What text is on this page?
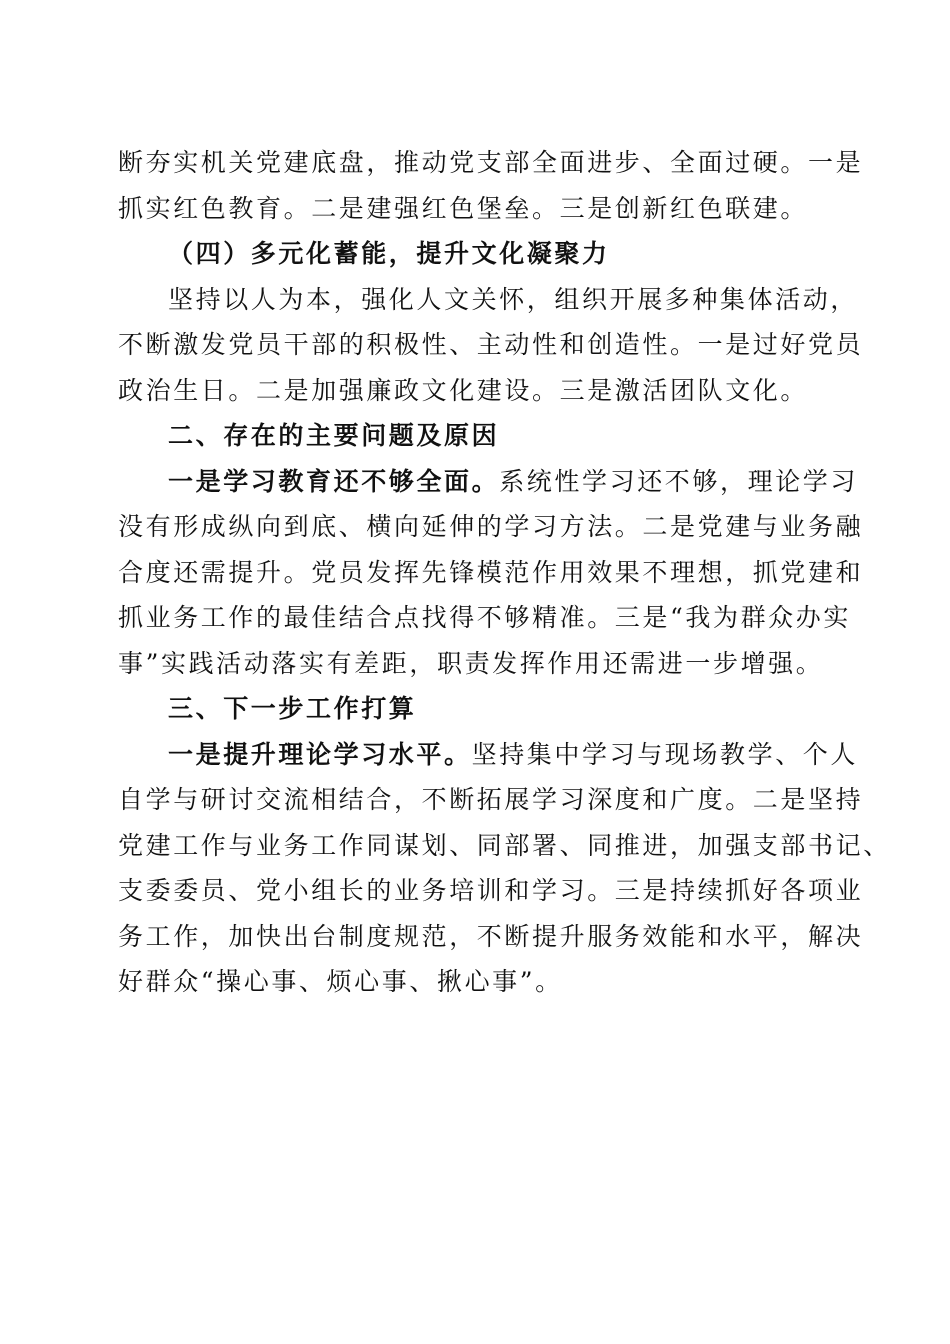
断夯实机关党建底盘，推动党支部全面进步、全面过硬。一是
抓实红色教育。二是建强红色堡垒。三是创新红色联建。
（四）多元化蓄能，提升文化凝聚力
坚持以人为本，强化人文关怀，组织开展多种集体活动，
不断激发党员干部的积极性、主动性和创造性。一是过好党员
政治生日。二是加强廉政文化建设。三是激活团队文化。
二、存在的主要问题及原因
一是学习教育还不够全面。系统性学习还不够，理论学习
没有形成纵向到底、横向延伸的学习方法。二是党建与业务融
合度还需提升。党员发挥先锋模范作用效果不理想，抓党建和
抓业务工作的最佳结合点找得不够精准。三是“我为群众办实
事”实践活动落实有差距，职责发挥作用还需进一步增强。
三、下一步工作打算
一是提升理论学习水平。坚持集中学习与现场教学、个人
自学与研讨交流相结合，不断拓展学习深度和广度。二是坚持
党建工作与业务工作同谋划、同部署、同推进，加强支部书记、
支委委员、党小组长的业务培训和学习。三是持续抓好各项业
务工作，加快出台制度规范，不断提升服务效能和水平，解决
好群众“操心事、烦心事、揪心事”。
